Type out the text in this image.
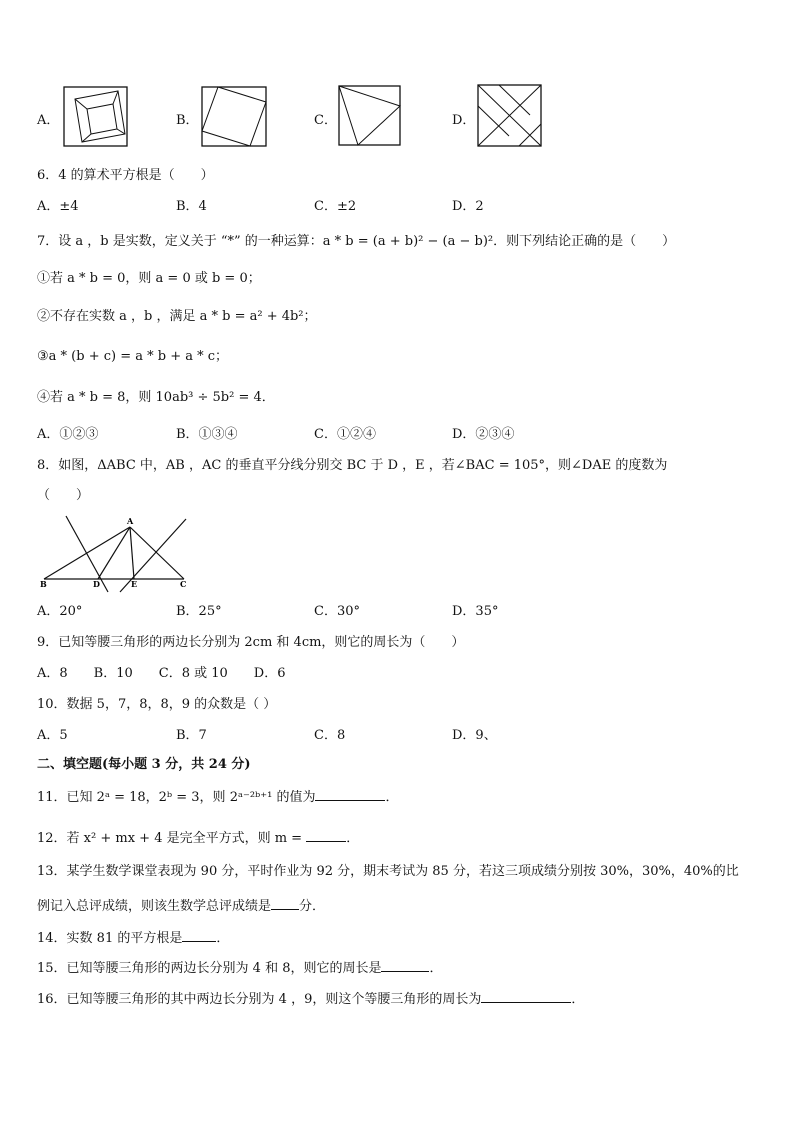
A．	B．	C．	D．
6．4 的算术平方根是（　　）
A．±4	B．4	C．±2	D．2
7．设 a ，b 是实数，定义关于 “*” 的一种运算：a * b = (a + b)² − (a − b)²．则下列结论正确的是（　　）
①若 a * b = 0，则 a = 0 或 b = 0；
②不存在实数 a ，b ，满足 a * b = a² + 4b²；
③a * (b + c) = a * b + a * c；
④若 a * b = 8，则 10ab³ ÷ 5b² = 4．
A．①②③	B．①③④	C．①②④	D．②③④
8．如图，ΔABC 中，AB ，AC 的垂直平分线分别交 BC 于 D ，E ，若∠BAC = 105°，则∠DAE 的度数为
（　　）
A
B	C
D	E
A．20°	B．25°	C．30°	D．35°
9．已知等腰三角形的两边长分别为 2cm 和 4cm，则它的周长为（　　）
A．8　　B．10　　C．8 或 10　　D．6
10．数据 5，7，8，8，9 的众数是（ ）
A．5	B．7	C．8	D．9、
二、填空题(每小题 3 分，共 24 分)
11．已知 2ᵃ = 18，2ᵇ = 3，则 2ᵃ⁻²ᵇ⁺¹ 的值为	．
12．若 x² + mx + 4 是完全平方式，则 m =	．
13．某学生数学课堂表现为 90 分，平时作业为 92 分，期末考试为 85 分，若这三项成绩分别按 30%，30%，40%的比
例记入总评成绩，则该生数学总评成绩是 分．
14．实数 81 的平方根是	．
15．已知等腰三角形的两边长分别为 4 和 8，则它的周长是	．
16．已知等腰三角形的其中两边长分别为 4 ，9，则这个等腰三角形的周长为	．
